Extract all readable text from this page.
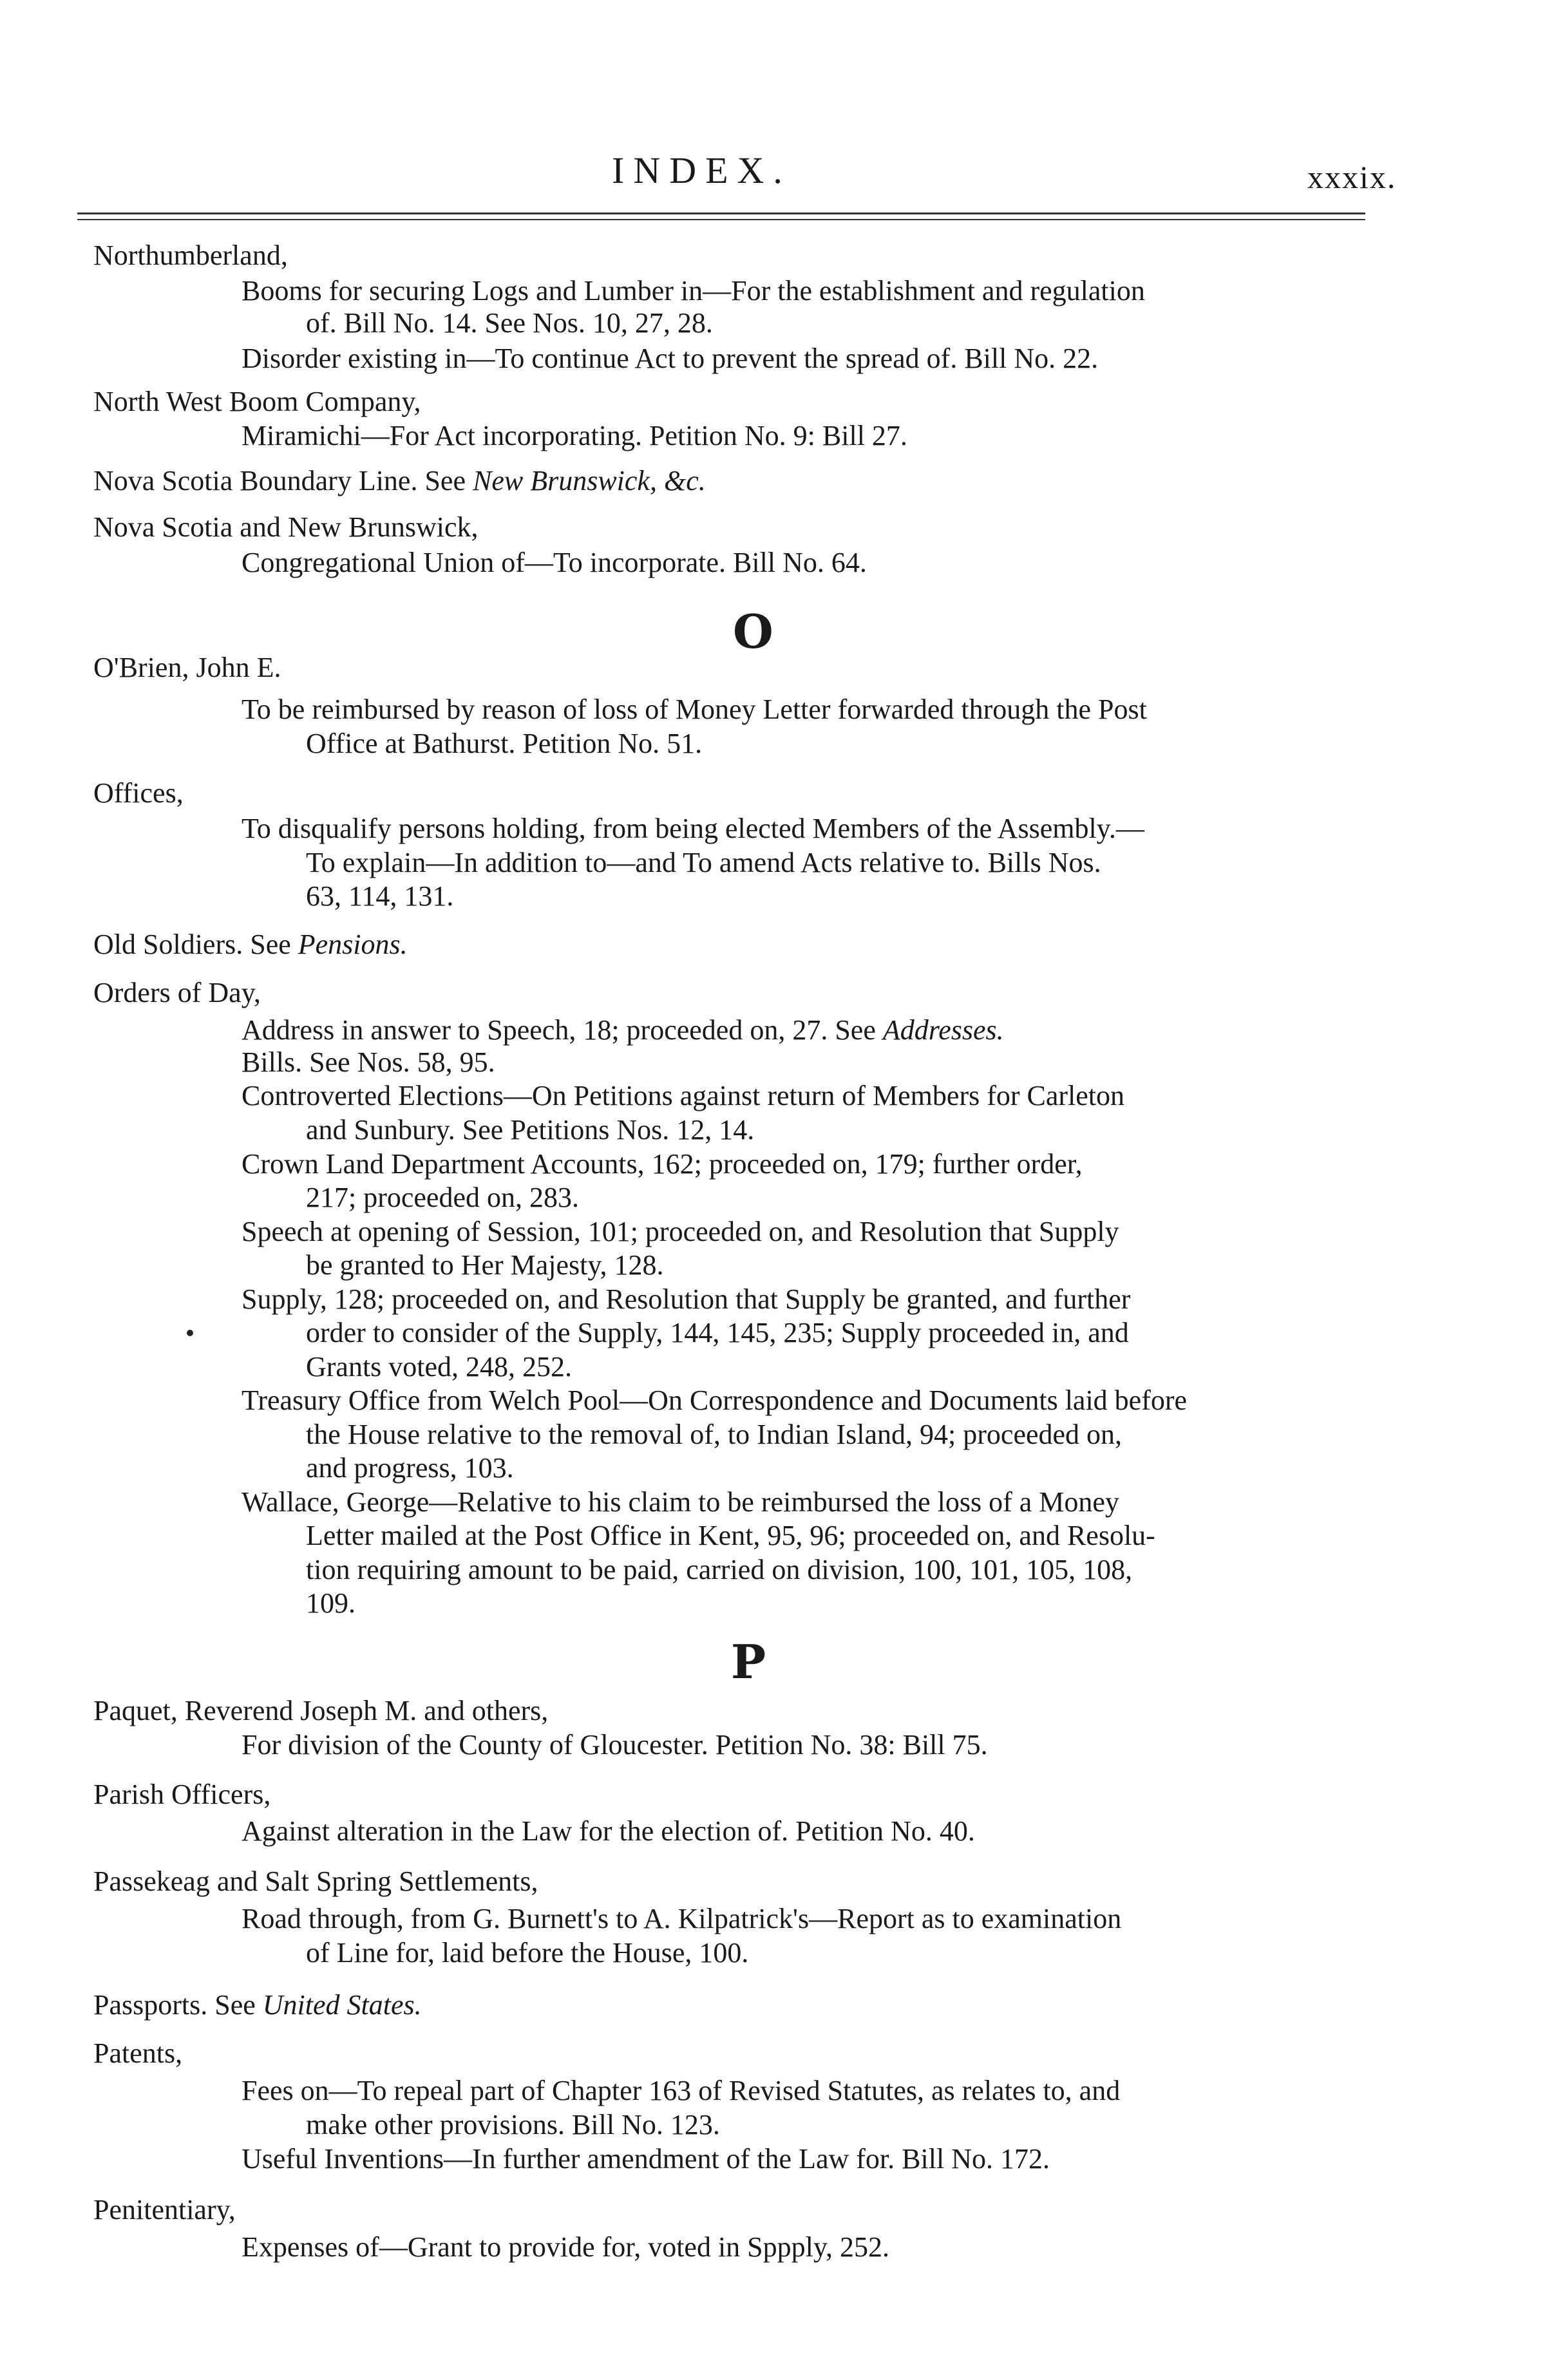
INDEX.	xxxix.
Northumberland,
Booms for securing Logs and Lumber in—For the establishment and regulation
of. Bill No. 14. See Nos. 10, 27, 28.
Disorder existing in—To continue Act to prevent the spread of. Bill No. 22.
North West Boom Company,
Miramichi—For Act incorporating. Petition No. 9: Bill 27.
Nova Scotia Boundary Line. See New Brunswick, &c.
Nova Scotia and New Brunswick,
Congregational Union of—To incorporate. Bill No. 64.
O
O'Brien, John E.
To be reimbursed by reason of loss of Money Letter forwarded through the Post
Office at Bathurst. Petition No. 51.
Offices,
To disqualify persons holding, from being elected Members of the Assembly.—
To explain—In addition to—and To amend Acts relative to. Bills Nos.
63, 114, 131.
Old Soldiers. See Pensions.
Orders of Day,
Address in answer to Speech, 18; proceeded on, 27. See Addresses.
Bills. See Nos. 58, 95.
Controverted Elections—On Petitions against return of Members for Carleton
and Sunbury. See Petitions Nos. 12, 14.
Crown Land Department Accounts, 162; proceeded on, 179; further order,
217; proceeded on, 283.
Speech at opening of Session, 101; proceeded on, and Resolution that Supply
be granted to Her Majesty, 128.
Supply, 128; proceeded on, and Resolution that Supply be granted, and further
order to consider of the Supply, 144, 145, 235; Supply proceeded in, and
Grants voted, 248, 252.
Treasury Office from Welch Pool—On Correspondence and Documents laid before
the House relative to the removal of, to Indian Island, 94; proceeded on,
and progress, 103.
Wallace, George—Relative to his claim to be reimbursed the loss of a Money
Letter mailed at the Post Office in Kent, 95, 96; proceeded on, and Resolu-
tion requiring amount to be paid, carried on division, 100, 101, 105, 108,
109.
P
Paquet, Reverend Joseph M. and others,
For division of the County of Gloucester. Petition No. 38: Bill 75.
Parish Officers,
Against alteration in the Law for the election of. Petition No. 40.
Passekeag and Salt Spring Settlements,
Road through, from G. Burnett's to A. Kilpatrick's—Report as to examination
of Line for, laid before the House, 100.
Passports. See United States.
Patents,
Fees on—To repeal part of Chapter 163 of Revised Statutes, as relates to, and
make other provisions. Bill No. 123.
Useful Inventions—In further amendment of the Law for. Bill No. 172.
Penitentiary,
Expenses of—Grant to provide for, voted in Sppply, 252.
